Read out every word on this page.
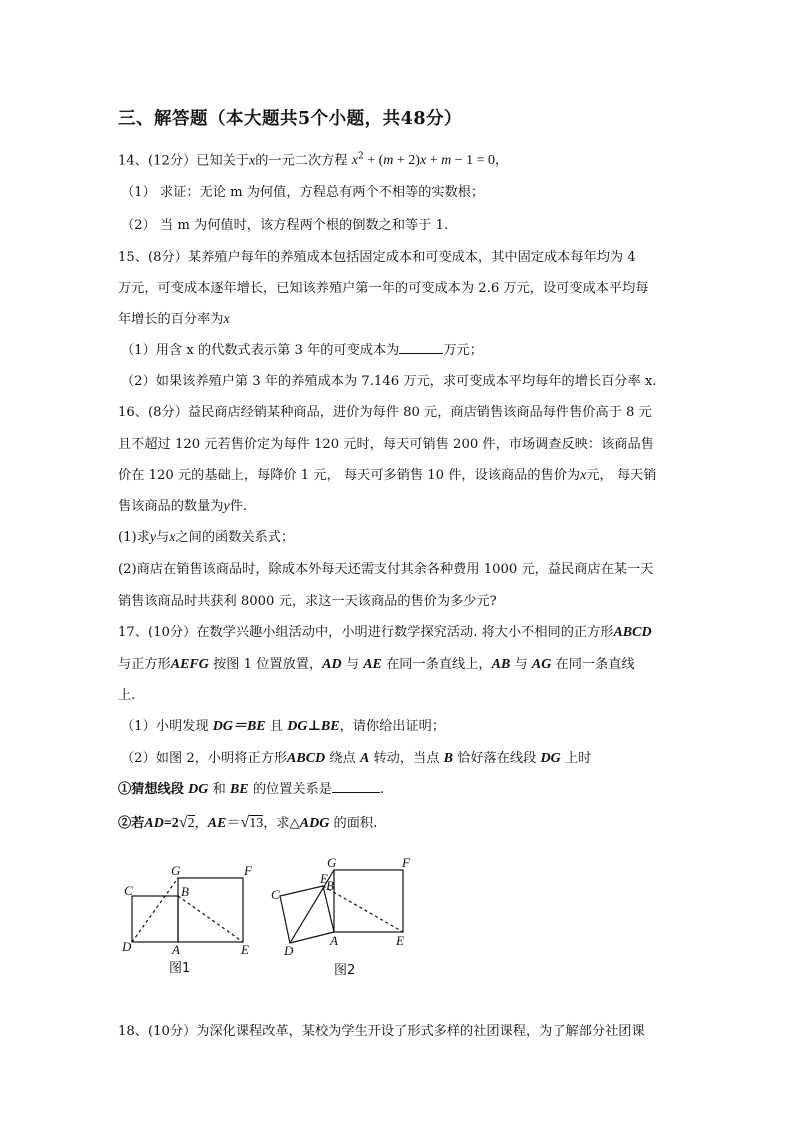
三、解答题（本大题共5个小题，共48分）
14、(12分）已知关于x的一元二次方程 $x^2 + (m + 2)x + m - 1 = 0$，
（1） 求证：无论 m 为何值，方程总有两个不相等的实数根；
（2） 当 m 为何值时，该方程两个根的倒数之和等于 1.
15、(8分）某养殖户每年的养殖成本包括固定成本和可变成本，其中固定成本每年均为 4
万元，可变成本逐年增长，已知该养殖户第一年的可变成本为 2.6 万元，设可变成本平均每
年增长的百分率为x
（1）用含 x 的代数式表示第 3 年的可变成本为	万元；
（2）如果该养殖户第 3 年的养殖成本为 7.146 万元，求可变成本平均每年的增长百分率 x.
16、(8分）益民商店经销某种商品，进价为每件 80 元，商店销售该商品每件售价高于 8 元
且不超过 120 元若售价定为每件 120 元时，每天可销售 200 件，市场调查反映：该商品售
价在 120 元的基础上，每降价 1 元， 每天可多销售 10 件，设该商品的售价为x元， 每天销
售该商品的数量为y件.
(1)求y与x之间的函数关系式；
(2)商店在销售该商品时，除成本外每天还需支付其余各种费用 1000 元，益民商店在某一天
销售该商品时共获利 8000 元，求这一天该商品的售价为多少元?
17、(10分）在数学兴趣小组活动中，小明进行数学探究活动. 将大小不相同的正方形ABCD
与正方形AEFG 按图 1 位置放置，AD 与 AE 在同一条直线上，AB 与 AG 在同一条直线
上.
（1）小明发现 DG＝BE 且 DG⊥BE，请你给出证明；
（2）如图 2，小明将正方形ABCD 绕点 A 转动，当点 B 恰好落在线段 DG 上时
①猜想线段 DG 和 BE 的位置关系是	.
②若AD=2√2，AE＝√13，求△ADG 的面积.
G	F
C	B
D	A	E
图1
G	F
E
B
C
D
A	E
图2
18、(10分）为深化课程改革，某校为学生开设了形式多样的社团课程，为了解部分社团课
